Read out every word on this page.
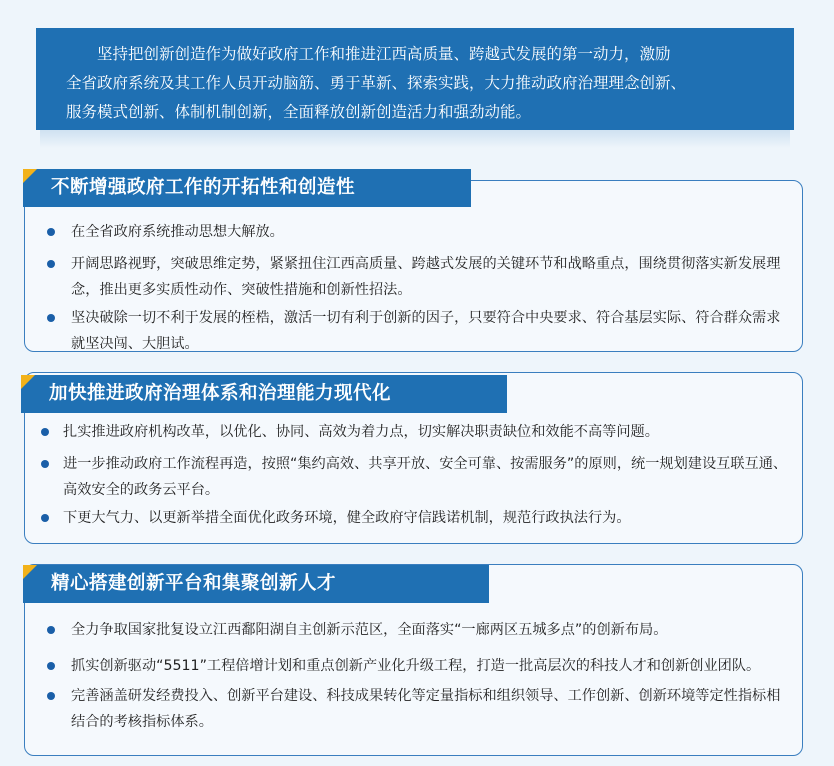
坚持把创新创造作为做好政府工作和推进江西高质量、跨越式发展的第一动力，激励

全省政府系统及其工作人员开动脑筋、勇于革新、探索实践，大力推动政府治理理念创新、

服务模式创新、体制机制创新，全面释放创新创造活力和强劲动能。

不断增强政府工作的开拓性和创造性
在全省政府系统推动思想大解放。
开阔思路视野，突破思维定势，紧紧扭住江西高质量、跨越式发展的关键环节和战略重点，围绕贯彻落实新发展理念，推出更多实质性动作、突破性措施和创新性招法。
坚决破除一切不利于发展的桎梏，激活一切有利于创新的因子，只要符合中央要求、符合基层实际、符合群众需求就坚决闯、大胆试。
加快推进政府治理体系和治理能力现代化
扎实推进政府机构改革，以优化、协同、高效为着力点，切实解决职责缺位和效能不高等问题。
进一步推动政府工作流程再造，按照“集约高效、共享开放、安全可靠、按需服务”的原则，统一规划建设互联互通、高效安全的政务云平台。
下更大气力、以更新举措全面优化政务环境，健全政府守信践诺机制，规范行政执法行为。
精心搭建创新平台和集聚创新人才
全力争取国家批复设立江西鄱阳湖自主创新示范区，全面落实“一廊两区五城多点”的创新布局。
抓实创新驱动“5511”工程倍增计划和重点创新产业化升级工程，打造一批高层次的科技人才和创新创业团队。
完善涵盖研发经费投入、创新平台建设、科技成果转化等定量指标和组织领导、工作创新、创新环境等定性指标相结合的考核指标体系。
